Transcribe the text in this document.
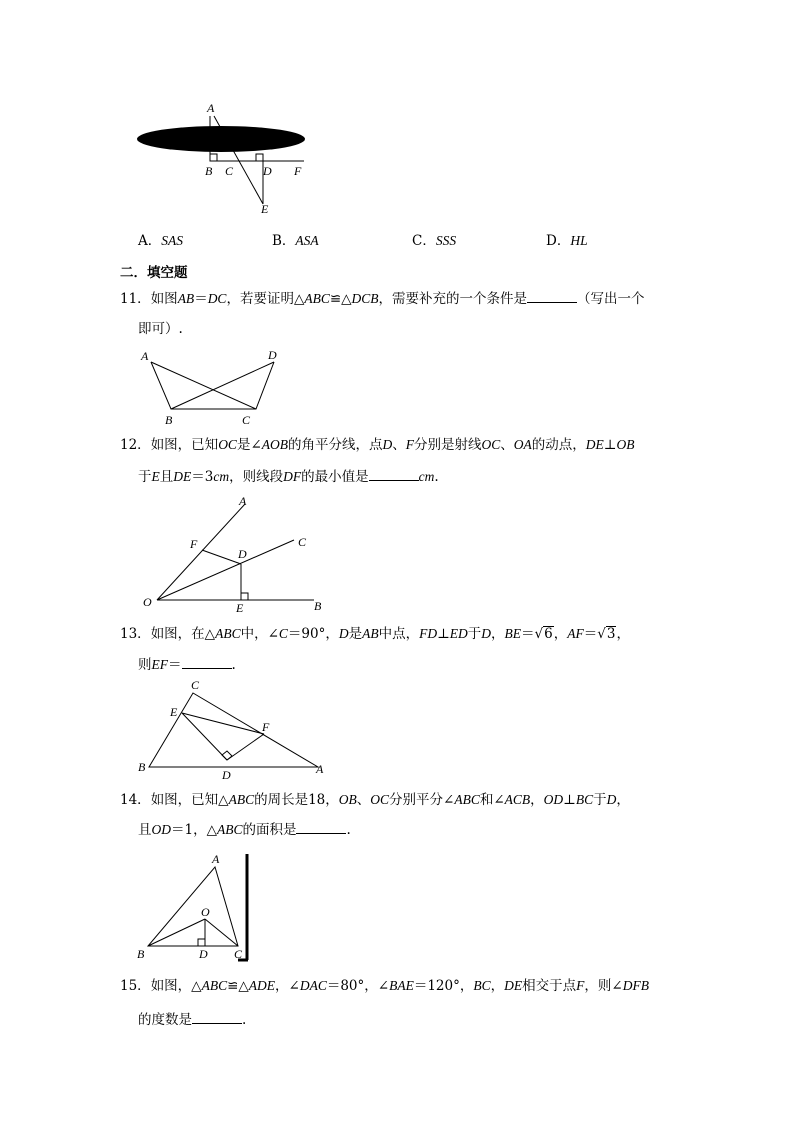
A
B C D F
E
A．SAS	B．ASA	C．SSS	D．HL
二．填空题
11．如图AB＝DC，若要证明△ABC≌△DCB，需要补充的一个条件是	（写出一个
即可）.
A	D
B	C
12．如图，已知OC是∠AOB的角平分线，点D、F分别是射线OC、OA的动点，DE⊥OB
于E且DE＝3cm，则线段DF的最小值是	cm.
A
C
F
D
O	E	B
13．如图，在△ABC中，∠C＝90°，D是AB中点，FD⊥ED于D，BE＝√6，AF＝√3，
则EF＝	.
C
E
F
B
D	A
14．如图，已知△ABC的周长是18，OB、OC分别平分∠ABC和∠ACB，OD⊥BC于D，
且OD＝1，△ABC的面积是	.
A
O
B	D C
15．如图，△ABC≌△ADE，∠DAC＝80°，∠BAE＝120°，BC，DE相交于点F，则∠DFB
的度数是	.
